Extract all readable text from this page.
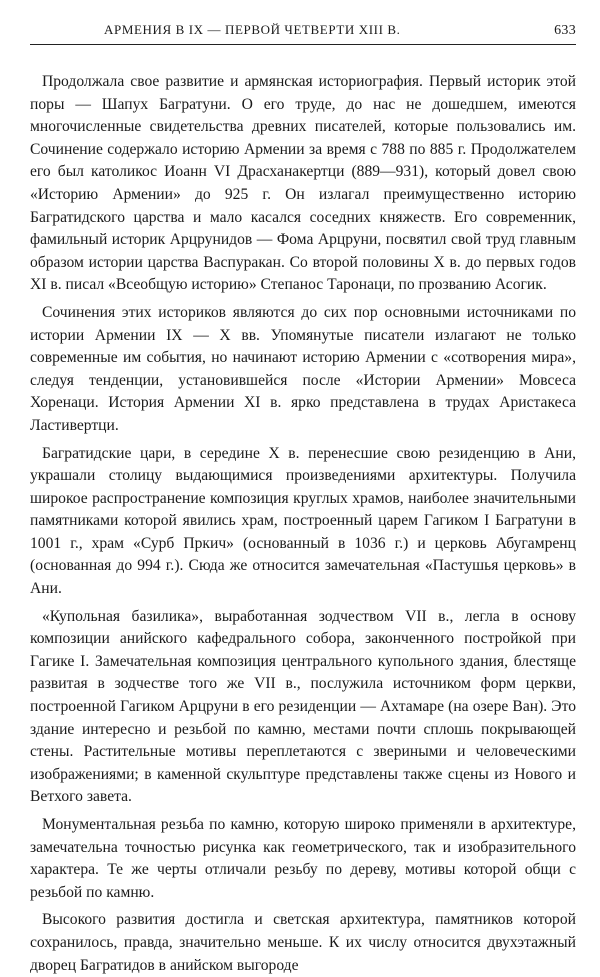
АРМЕНИЯ В IX — ПЕРВОЙ ЧЕТВЕРТИ XIII В.	633

Продолжала свое развитие и армянская историография. Первый историк этой поры — Шапух Багратуни. О его труде, до нас не дошедшем, имеются многочисленные свидетельства древних писателей, которые пользовались им. Сочинение содержало историю Армении за время с 788 по 885 г. Продолжателем его был католикос Иоанн VI Драсханакертци (889—931), который довел свою «Историю Армении» до 925 г. Он излагал преимущественно историю Багратидского царства и мало касался соседних княжеств. Его современник, фамильный историк Арцрунидов — Фома Арцруни, посвятил свой труд главным образом истории царства Васпуракан. Со второй половины X в. до первых годов XI в. писал «Всеобщую историю» Степанос Таронаци, по прозванию Асогик.

Сочинения этих историков являются до сих пор основными источниками по истории Армении IX — X вв. Упомянутые писатели излагают не только современные им события, но начинают историю Армении с «сотворения мира», следуя тенденции, установившейся после «Истории Армении» Мовсеса Хоренаци. История Армении XI в. ярко представлена в трудах Аристакеса Ластивертци.

Багратидские цари, в середине X в. перенесшие свою резиденцию в Ани, украшали столицу выдающимися произведениями архитектуры. Получила широкое распространение композиция круглых храмов, наиболее значительными памятниками которой явились храм, построенный царем Гагиком I Багратуни в 1001 г., храм «Сурб Пркич» (основанный в 1036 г.) и церковь Абугамренц (основанная до 994 г.). Сюда же относится замечательная «Пастушья церковь» в Ани.

«Купольная базилика», выработанная зодчеством VII в., легла в основу композиции анийского кафедрального собора, законченного постройкой при Гагике I. Замечательная композиция центрального купольного здания, блестяще развитая в зодчестве того же VII в., послужила источником форм церкви, построенной Гагиком Арцруни в его резиденции — Ахтамаре (на озере Ван). Это здание интересно и резьбой по камню, местами почти сплошь покрывающей стены. Растительные мотивы переплетаются с звериными и человеческими изображениями; в каменной скульптуре представлены также сцены из Нового и Ветхого завета.

Монументальная резьба по камню, которую широко применяли в архитектуре, замечательна точностью рисунка как геометрического, так и изобразительного характера. Те же черты отличали резьбу по дереву, мотивы которой общи с резьбой по камню.

Высокого развития достигла и светская архитектура, памятников которой сохранилось, правда, значительно меньше. К их числу относится двухэтажный дворец Багратидов в анийском выгороде
